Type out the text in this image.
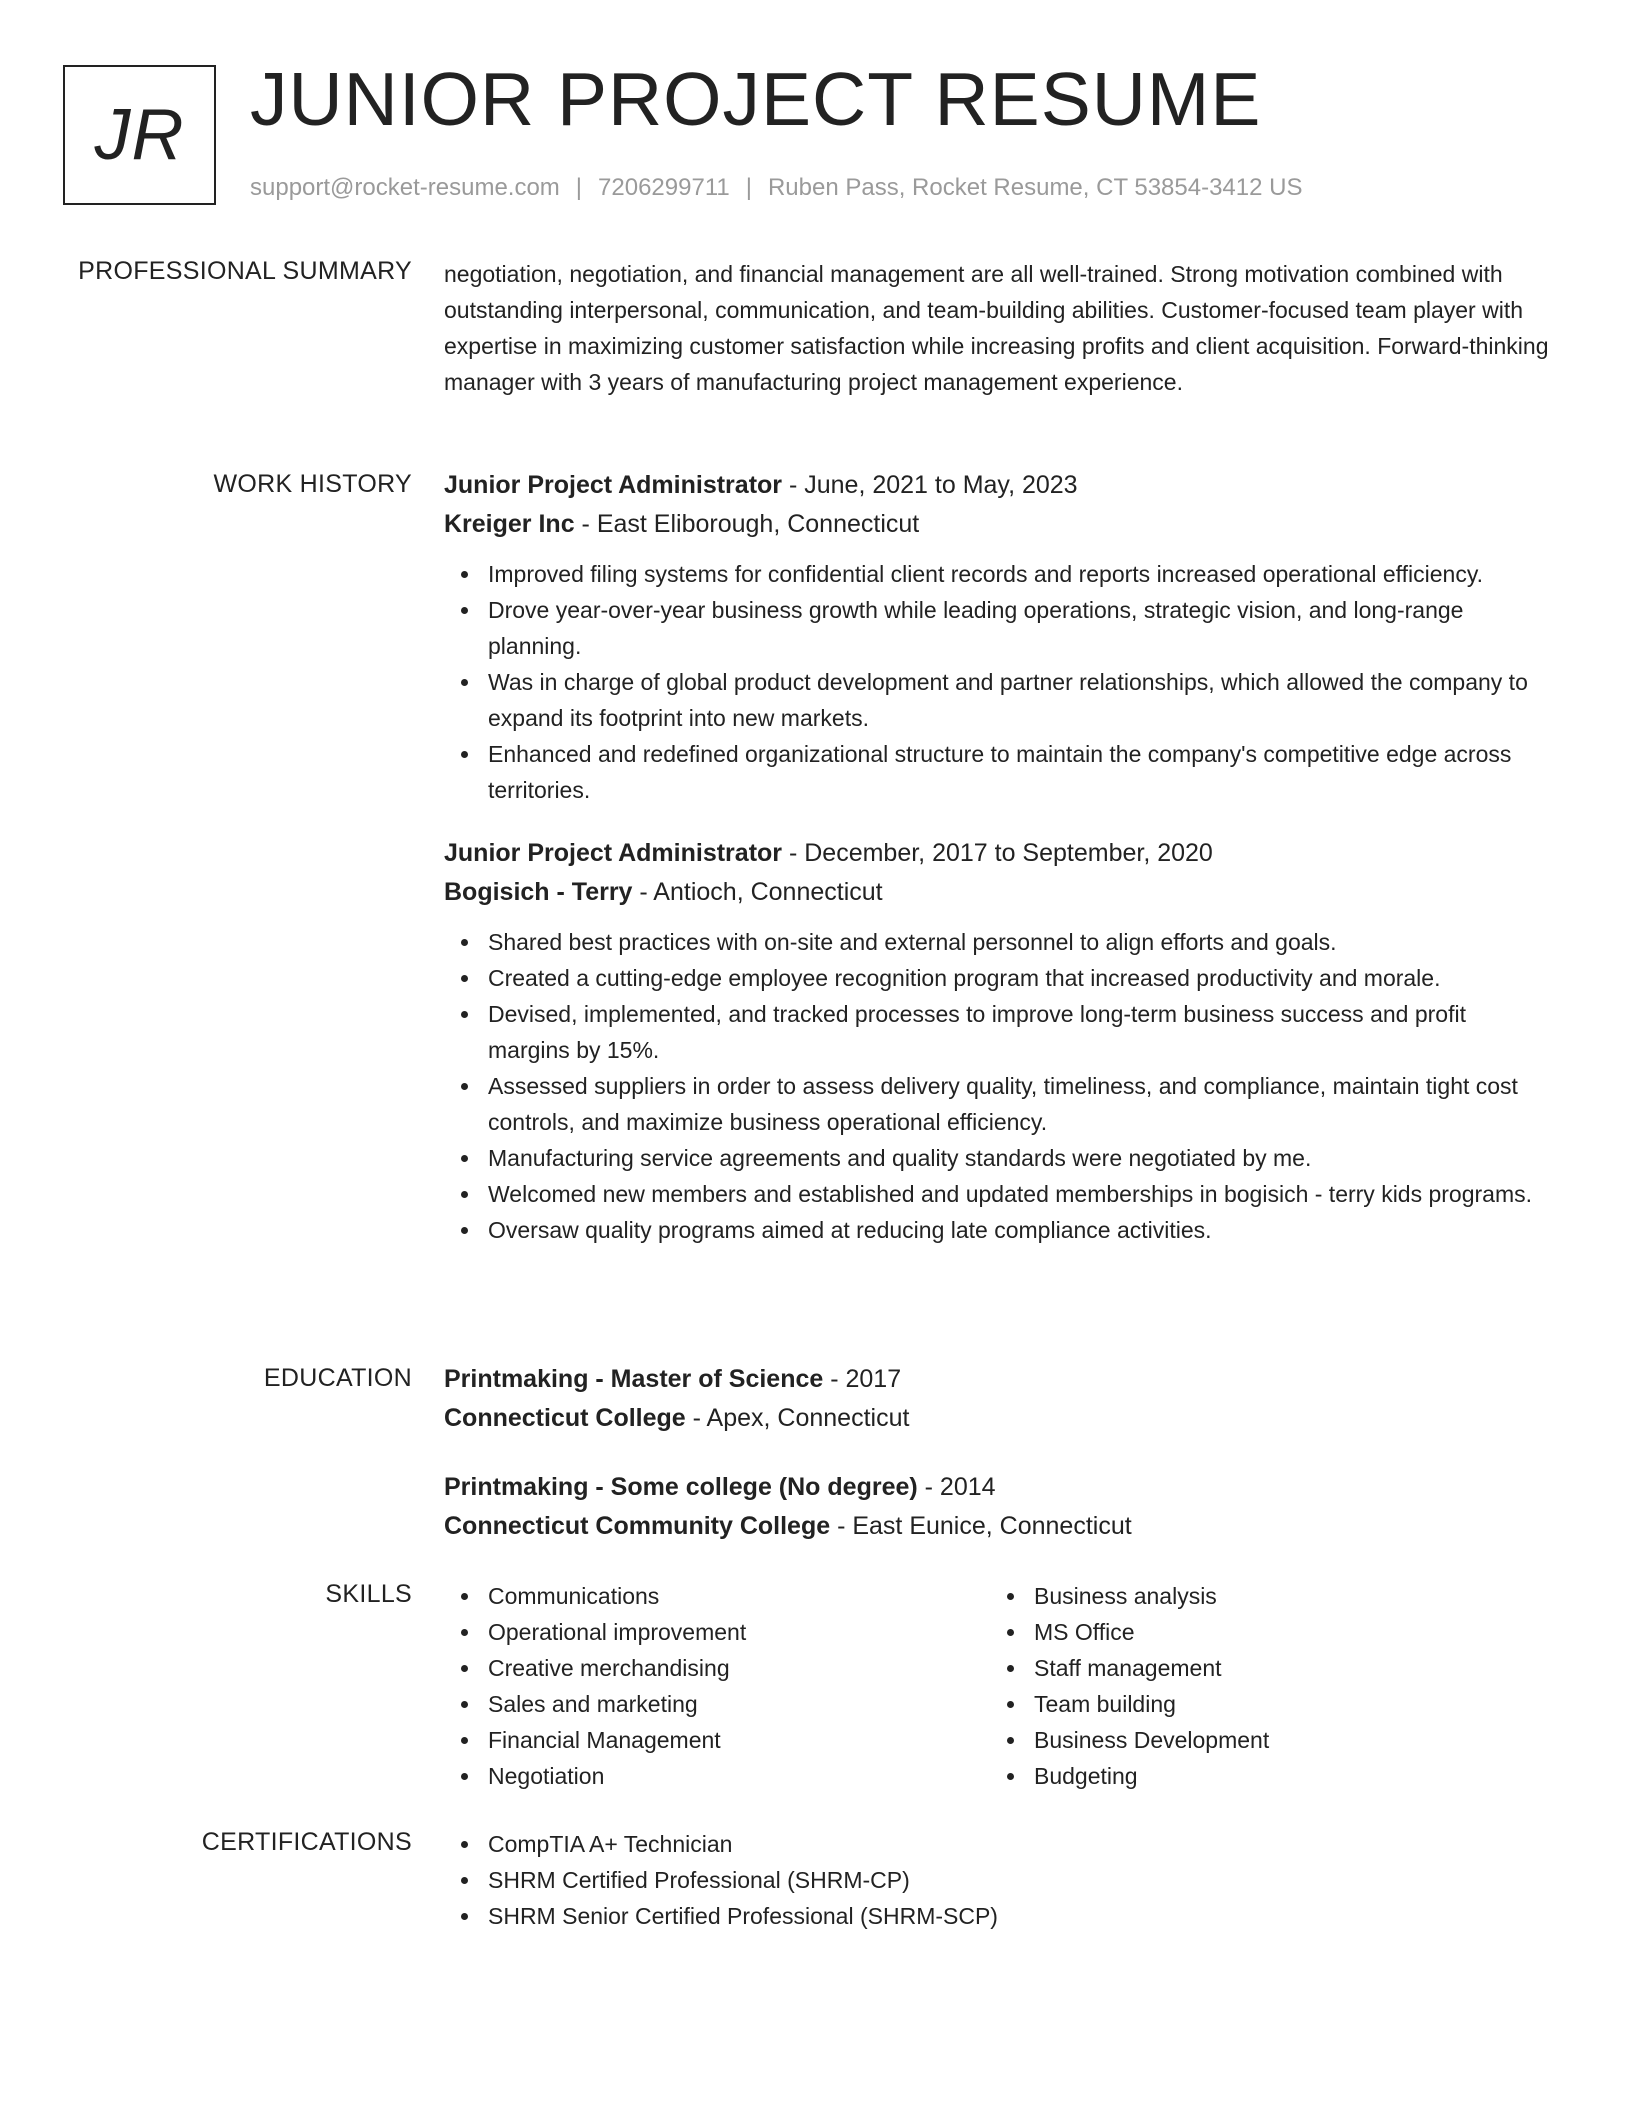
JR JUNIOR PROJECT RESUME
support@rocket-resume.com | 7206299711 | Ruben Pass, Rocket Resume, CT 53854-3412 US
PROFESSIONAL SUMMARY negotiation, negotiation, and financial management are all well-trained. Strong motivation combined with outstanding interpersonal, communication, and team-building abilities. Customer-focused team player with expertise in maximizing customer satisfaction while increasing profits and client acquisition. Forward-thinking manager with 3 years of manufacturing project management experience.

WORK HISTORY Junior Project Administrator - June, 2021 to May, 2023
Kreiger Inc - East Eliborough, Connecticut
Improved filing systems for confidential client records and reports increased operational efficiency.
Drove year-over-year business growth while leading operations, strategic vision, and long-range planning.
Was in charge of global product development and partner relationships, which allowed the company to expand its footprint into new markets.
Enhanced and redefined organizational structure to maintain the company's competitive edge across territories.
Junior Project Administrator - December, 2017 to September, 2020
Bogisich - Terry - Antioch, Connecticut
Shared best practices with on-site and external personnel to align efforts and goals.
Created a cutting-edge employee recognition program that increased productivity and morale.
Devised, implemented, and tracked processes to improve long-term business success and profit margins by 15%.
Assessed suppliers in order to assess delivery quality, timeliness, and compliance, maintain tight cost controls, and maximize business operational efficiency.
Manufacturing service agreements and quality standards were negotiated by me.
Welcomed new members and established and updated memberships in bogisich - terry kids programs.
Oversaw quality programs aimed at reducing late compliance activities.
EDUCATION Printmaking - Master of Science - 2017
Connecticut College - Apex, Connecticut
Printmaking - Some college (No degree) - 2014
Connecticut Community College - East Eunice, Connecticut
SKILLS	Communications
Operational improvement
Creative merchandising
Sales and marketing
Financial Management
Negotiation
Business analysis
MS Office
Staff management
Team building
Business Development
Budgeting
CERTIFICATIONS	CompTIA A+ Technician
SHRM Certified Professional (SHRM-CP)
SHRM Senior Certified Professional (SHRM-SCP)
